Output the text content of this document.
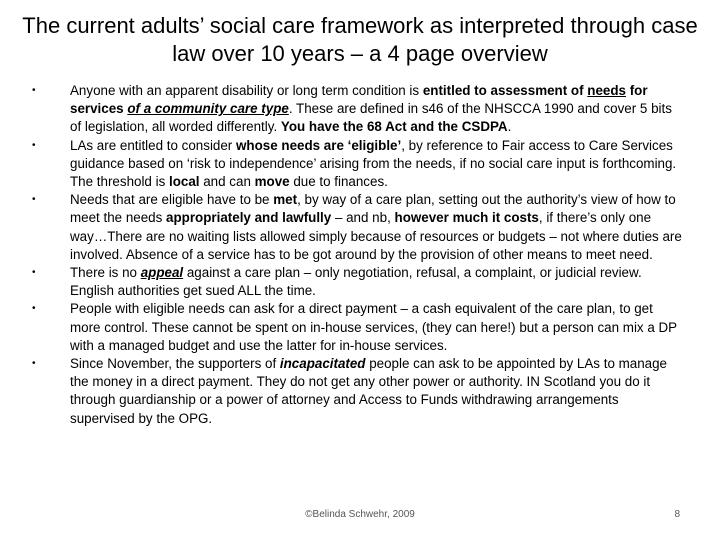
The current adults’ social care framework as interpreted through case law over 10 years – a 4 page overview
•	Anyone with an apparent disability or long term condition is entitled to assessment of needs for services of a community care type. These are defined in s46 of the NHSCCA 1990 and cover 5 bits of legislation, all worded differently. You have the 68 Act and the CSDPA.
•	LAs are entitled to consider whose needs are ‘eligible’, by reference to Fair access to Care Services guidance based on ‘risk to independence’ arising from the needs, if no social care input is forthcoming. The threshold is local and can move due to finances.
•	Needs that are eligible have to be met, by way of a care plan, setting out the authority’s view of how to meet the needs appropriately and lawfully – and nb, however much it costs, if there’s only one way…There are no waiting lists allowed simply because of resources or budgets – not where duties are involved. Absence of a service has to be got around by the provision of other means to meet need.
•	There is no appeal against a care plan – only negotiation, refusal, a complaint, or judicial review. English authorities get sued ALL the time.
•	People with eligible needs can ask for a direct payment – a cash equivalent of the care plan, to get more control. These cannot be spent on in-house services, (they can here!) but a person can mix a DP with a managed budget and use the latter for in-house services.
•	Since November, the supporters of incapacitated people can ask to be appointed by LAs to manage the money in a direct payment. They do not get any other power or authority. IN Scotland you do it through guardianship or a power of attorney and Access to Funds withdrawing arrangements supervised by the OPG.
©Belinda Schwehr, 2009	8
